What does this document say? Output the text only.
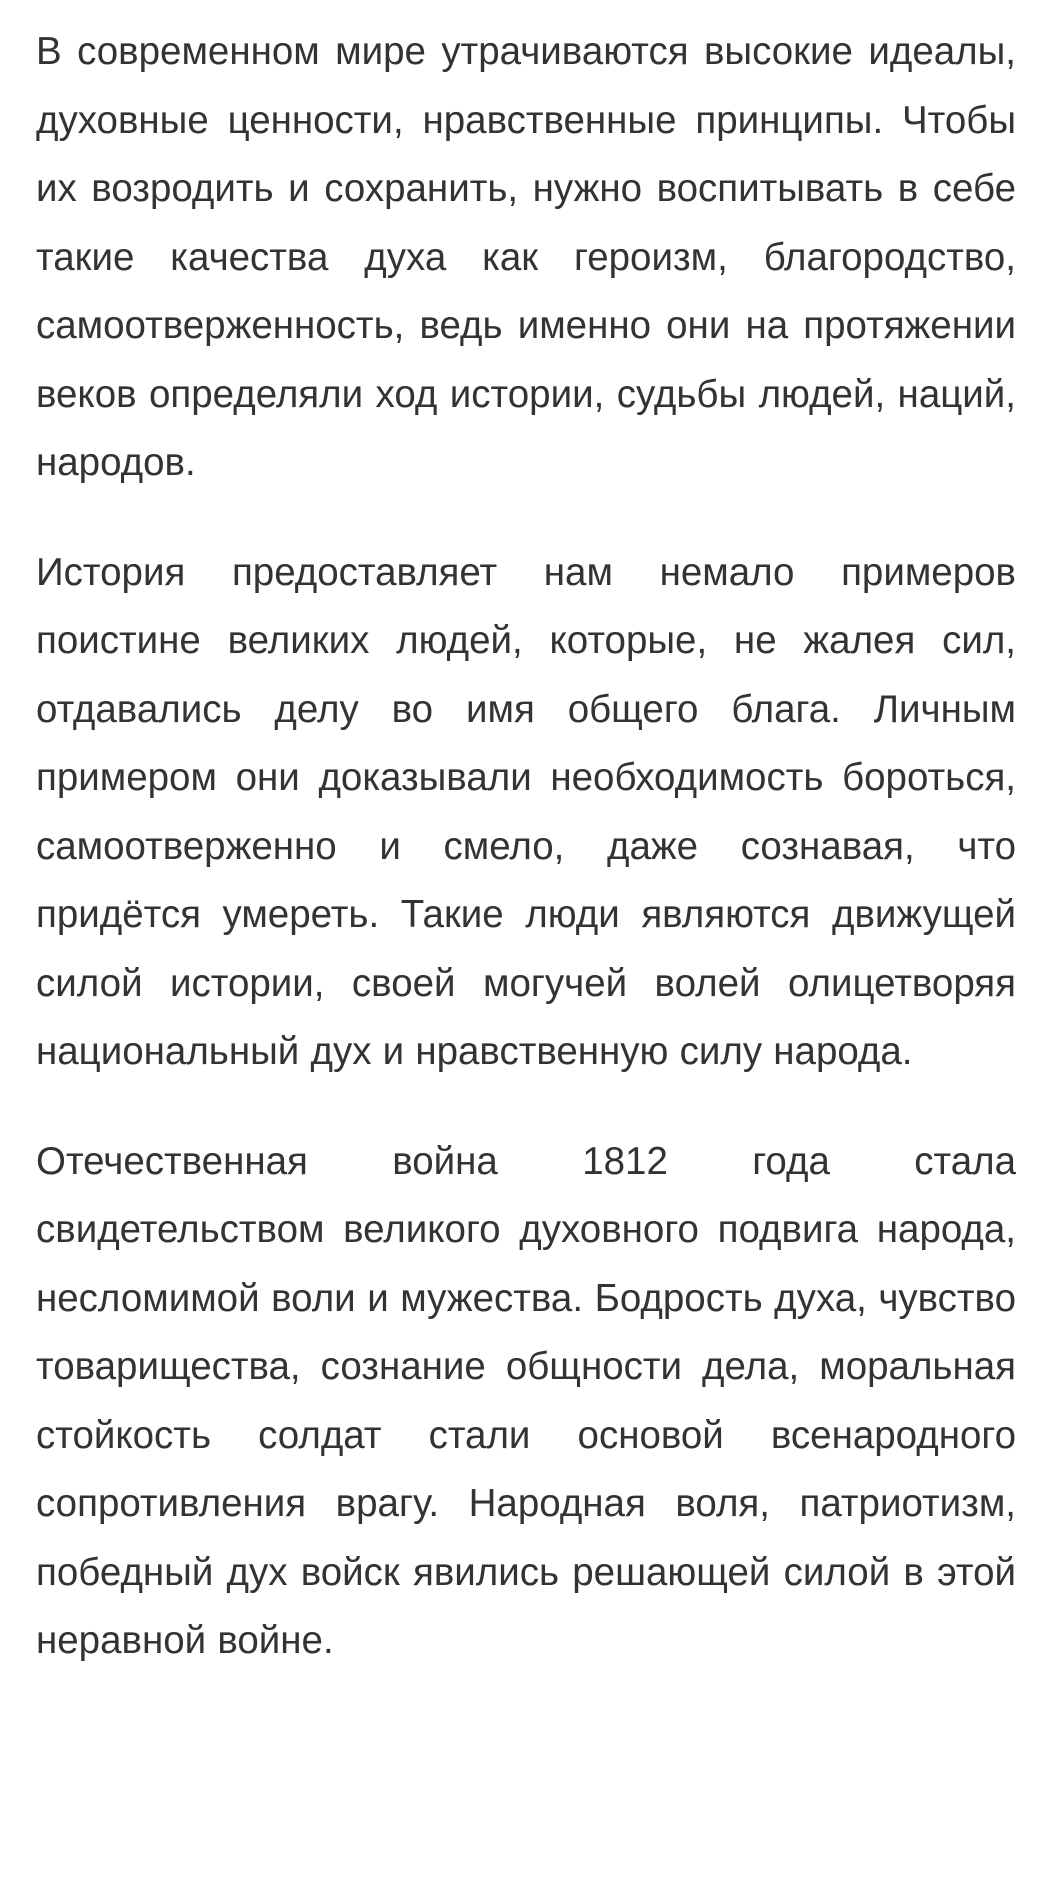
В современном мире утрачиваются высокие идеалы, духовные ценности, нравственные принципы. Чтобы их возродить и сохранить, нужно воспитывать в себе такие качества духа как героизм, благородство, самоотверженность, ведь именно они на протяжении веков определяли ход истории, судьбы людей, наций, народов.

История предоставляет нам немало примеров поистине великих людей, которые, не жалея сил, отдавались делу во имя общего блага. Личным примером они доказывали необходимость бороться, самоотверженно и смело, даже сознавая, что придётся умереть. Такие люди являются движущей силой истории, своей могучей волей олицетворяя национальный дух и нравственную силу народа.

Отечественная война 1812 года стала свидетельством великого духовного подвига народа, несломимой воли и мужества. Бодрость духа, чувство товарищества, сознание общности дела, моральная стойкость солдат стали основой всенародного сопротивления врагу. Народная воля, патриотизм, победный дух войск явились решающей силой в этой неравной войне.
